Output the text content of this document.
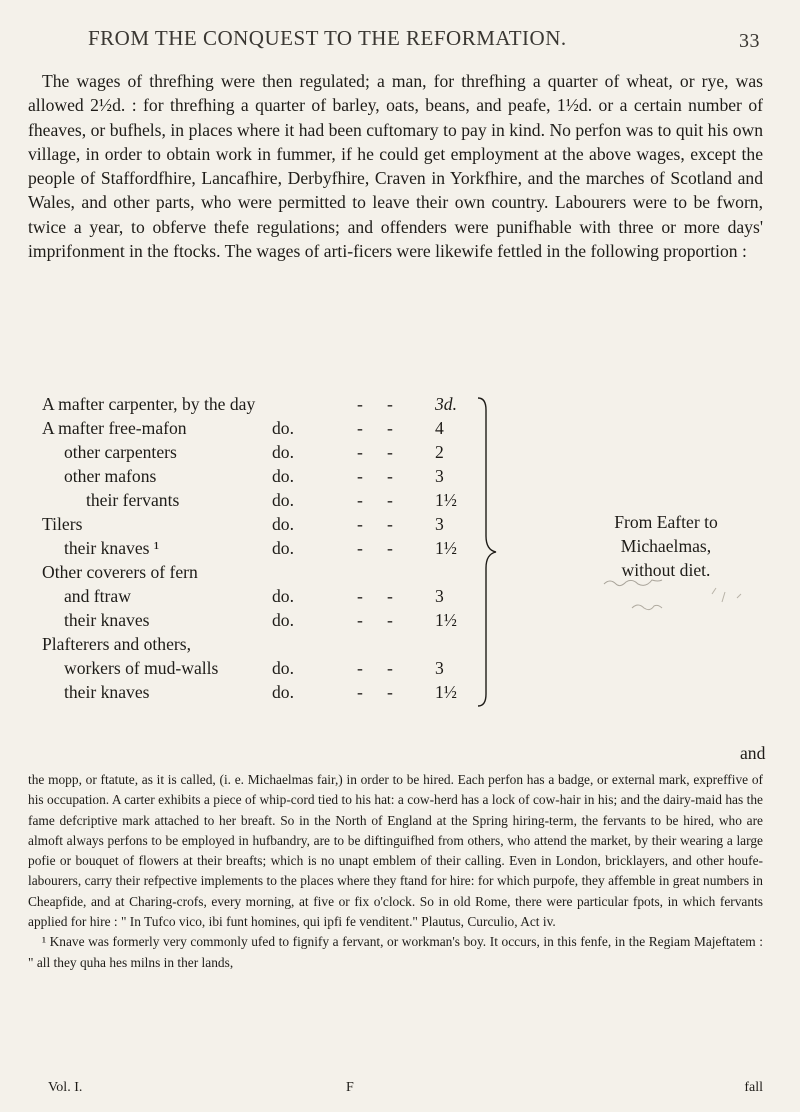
FROM THE CONQUEST TO THE REFORMATION.	33

The wages of threfhing were then regulated; a man, for threfhing a quarter of wheat, or rye, was allowed 2½d. : for threfhing a quarter of barley, oats, beans, and peafe, 1½d. or a certain number of fheaves, or bufhels, in places where it had been cuftomary to pay in kind. No perfon was to quit his own village, in order to obtain work in fummer, if he could get employment at the above wages, except the people of Staffordfhire, Lancafhire, Derbyfhire, Craven in Yorkfhire, and the marches of Scotland and Wales, and other parts, who were permitted to leave their own country. Labourers were to be fworn, twice a year, to obferve thefe regulations; and offenders were punifhable with three or more days' imprifonment in the ftocks. The wages of arti-ficers were likewife fettled in the following proportion :

A mafter carpenter, by the day	- - 3d.
A mafter free-mafon	do.	- - 4
other carpenters	do.	- - 2
other mafons	do.	- - 3
their fervants	do.	- - 1½
Tilers	do.	- - 3
their knaves ¹	do.	- - 1½
Other coverers of fern
and ftraw	do.	- - 3
their knaves	do.	- - 1½
Plafterers and others,
workers of mud-walls	do.	- - 3
their knaves	do.	- - 1½
From Eafter to
Michaelmas,
without diet.
and

the mopp, or ftatute, as it is called, (i. e. Michaelmas fair,) in order to be hired. Each perfon has a badge, or external mark, expreffive of his occupation. A carter exhibits a piece of whip-cord tied to his hat: a cow-herd has a lock of cow-hair in his; and the dairy-maid has the fame defcriptive mark attached to her breaft. So in the North of England at the Spring hiring-term, the fervants to be hired, who are almoft always perfons to be employed in hufbandry, are to be diftinguifhed from others, who attend the market, by their wearing a large pofie or bouquet of flowers at their breafts; which is no unapt emblem of their calling. Even in London, bricklayers, and other houfe-labourers, carry their refpective implements to the places where they ftand for hire: for which purpofe, they affemble in great numbers in Cheapfide, and at Charing-crofs, every morning, at five or fix o'clock. So in old Rome, there were particular fpots, in which fervants applied for hire : " In Tufco vico, ibi funt homines, qui ipfi fe venditent." Plautus, Curculio, Act iv.

¹ Knave was formerly very commonly ufed to fignify a fervant, or workman's boy. It occurs, in this fenfe, in the Regiam Majeftatem : " all they quha hes milns in ther lands,

Vol. I.	F	fall
